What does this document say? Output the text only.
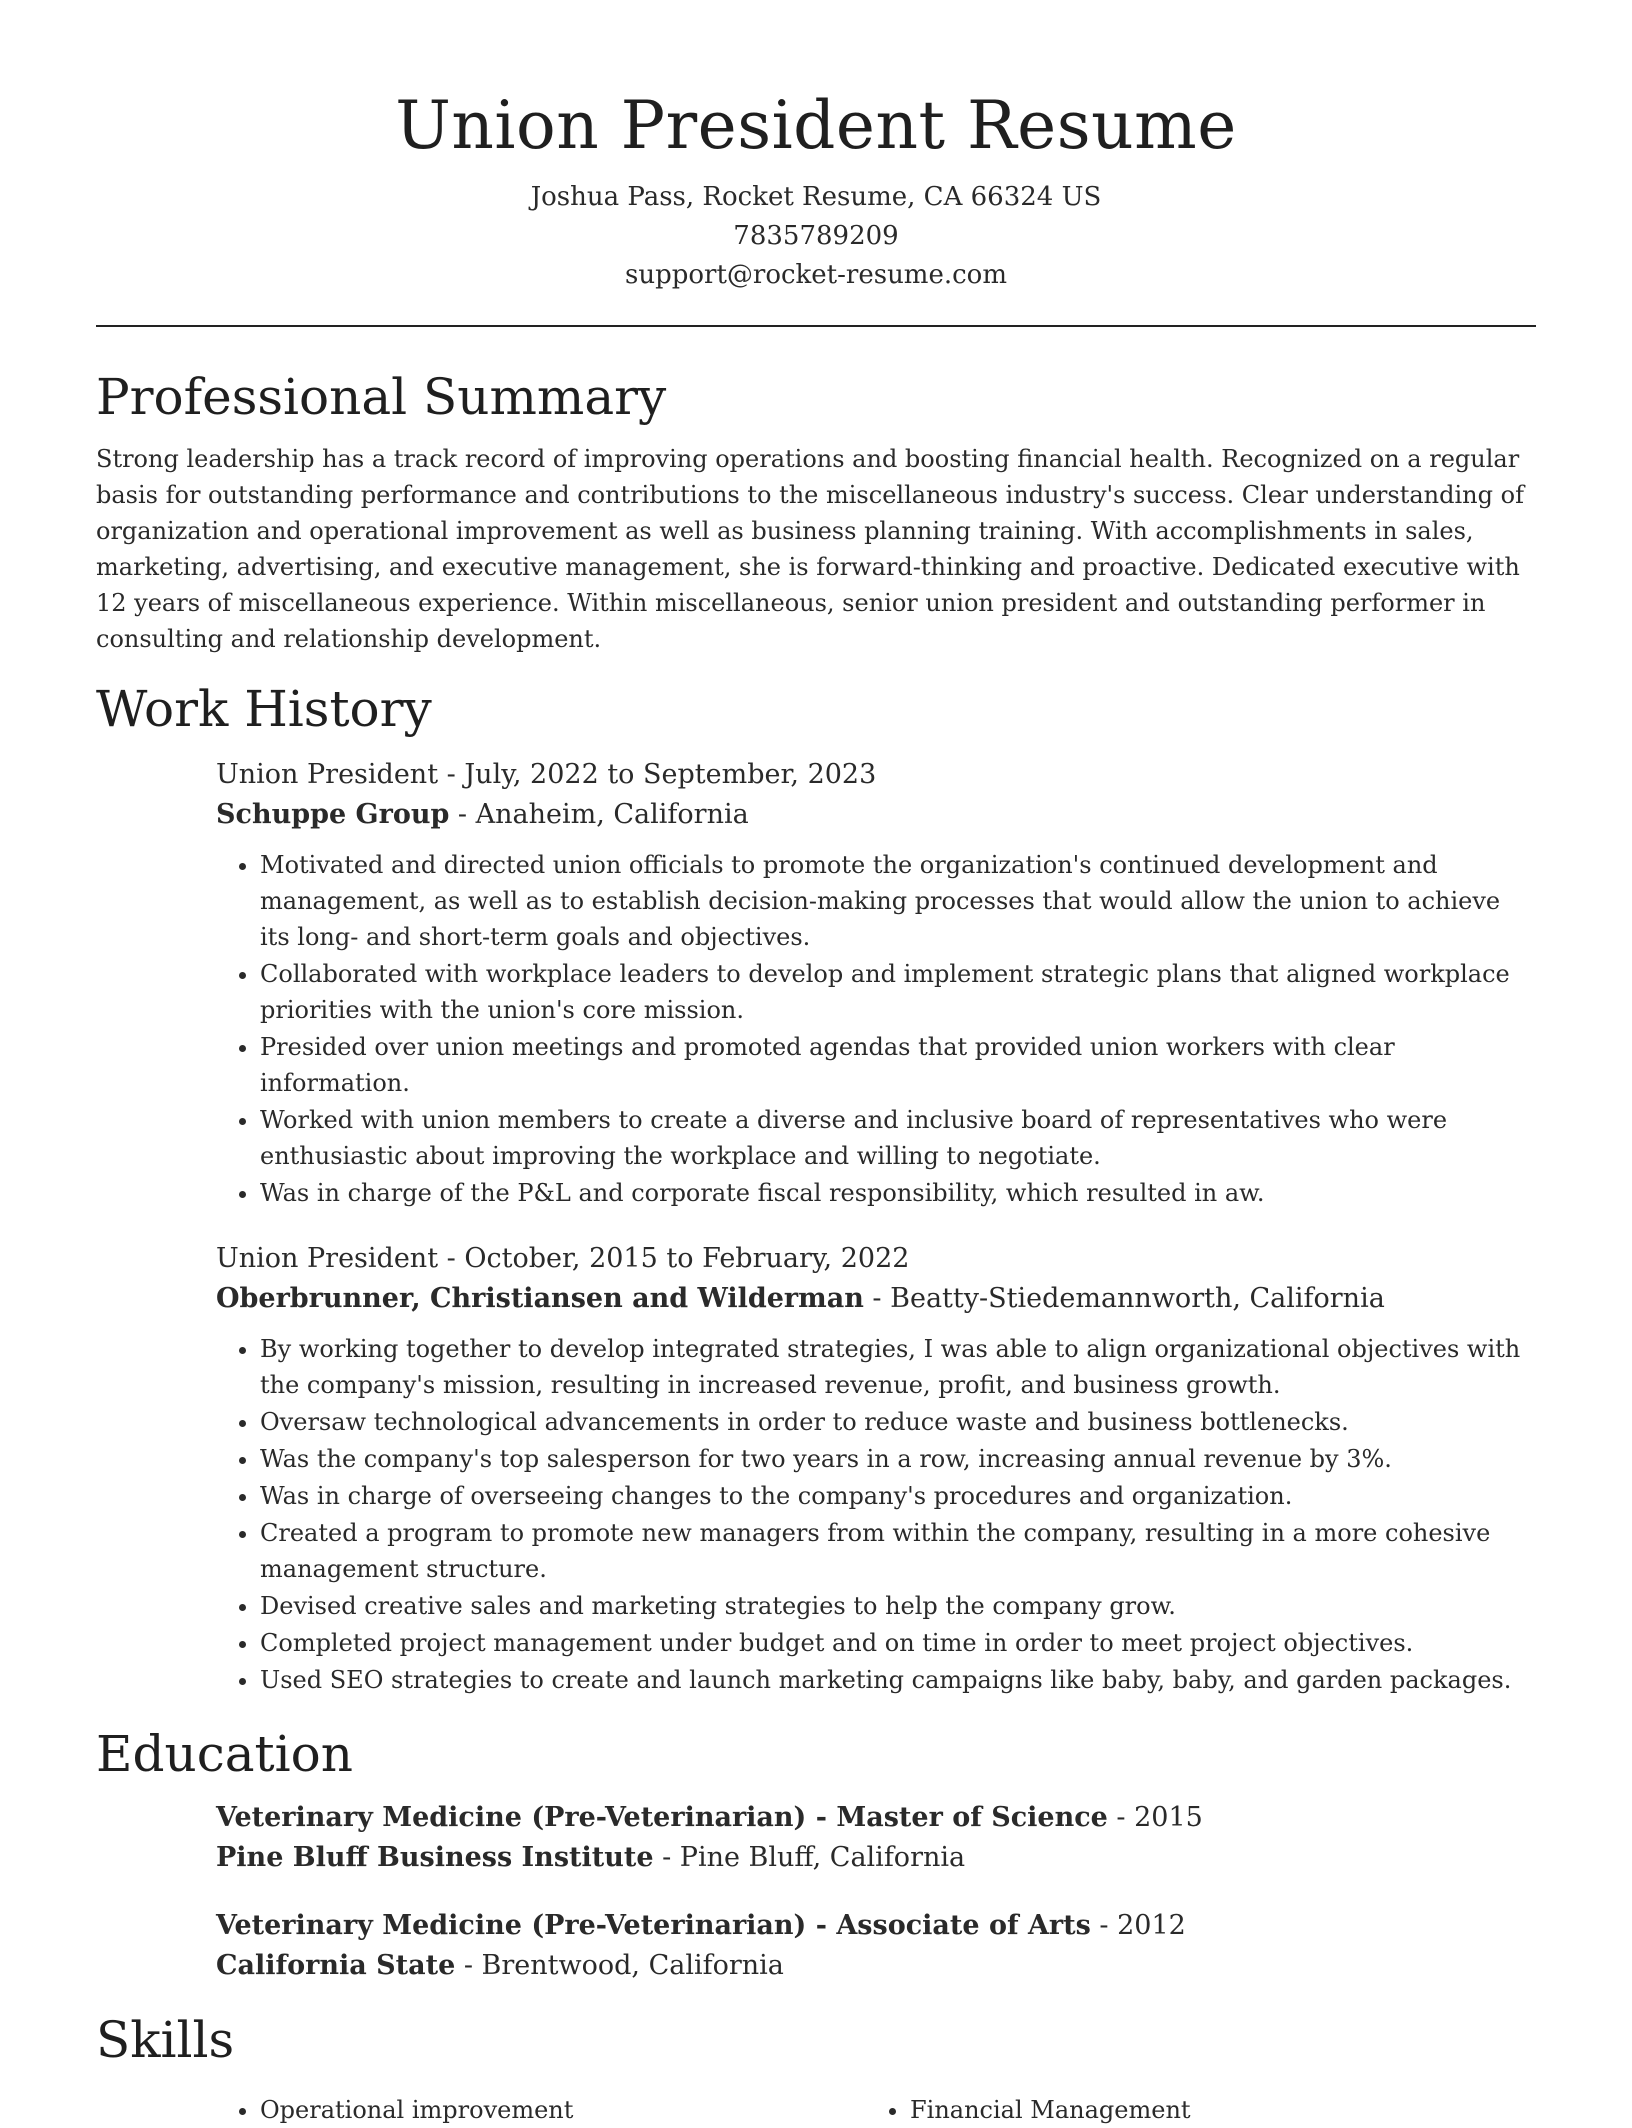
Union President Resume
Joshua Pass, Rocket Resume, CA 66324 US
7835789209
support@rocket-resume.com
Professional Summary

Strong leadership has a track record of improving operations and boosting financial health. Recognized on a regular basis for outstanding performance and contributions to the miscellaneous industry's success. Clear understanding of organization and operational improvement as well as business planning training. With accomplishments in sales, marketing, advertising, and executive management, she is forward-thinking and proactive. Dedicated executive with 12 years of miscellaneous experience. Within miscellaneous, senior union president and outstanding performer in consulting and relationship development.

Work History
Union President - July, 2022 to September, 2023
Schuppe Group - Anaheim, California
• Motivated and directed union officials to promote the organization's continued development and management, as well as to establish decision-making processes that would allow the union to achieve its long- and short-term goals and objectives.
• Collaborated with workplace leaders to develop and implement strategic plans that aligned workplace priorities with the union's core mission.
• Presided over union meetings and promoted agendas that provided union workers with clear information.
• Worked with union members to create a diverse and inclusive board of representatives who were enthusiastic about improving the workplace and willing to negotiate.
• Was in charge of the P&L and corporate fiscal responsibility, which resulted in aw.
Union President - October, 2015 to February, 2022
Oberbrunner, Christiansen and Wilderman - Beatty-Stiedemannworth, California
• By working together to develop integrated strategies, I was able to align organizational objectives with the company's mission, resulting in increased revenue, profit, and business growth.
• Oversaw technological advancements in order to reduce waste and business bottlenecks.
• Was the company's top salesperson for two years in a row, increasing annual revenue by 3%.
• Was in charge of overseeing changes to the company's procedures and organization.
• Created a program to promote new managers from within the company, resulting in a more cohesive management structure.
• Devised creative sales and marketing strategies to help the company grow.
• Completed project management under budget and on time in order to meet project objectives.
• Used SEO strategies to create and launch marketing campaigns like baby, baby, and garden packages.
Education
Veterinary Medicine (Pre-Veterinarian) - Master of Science - 2015
Pine Bluff Business Institute - Pine Bluff, California
Veterinary Medicine (Pre-Veterinarian) - Associate of Arts - 2012
California State - Brentwood, California
Skills
• Operational improvement
•	Financial Management
